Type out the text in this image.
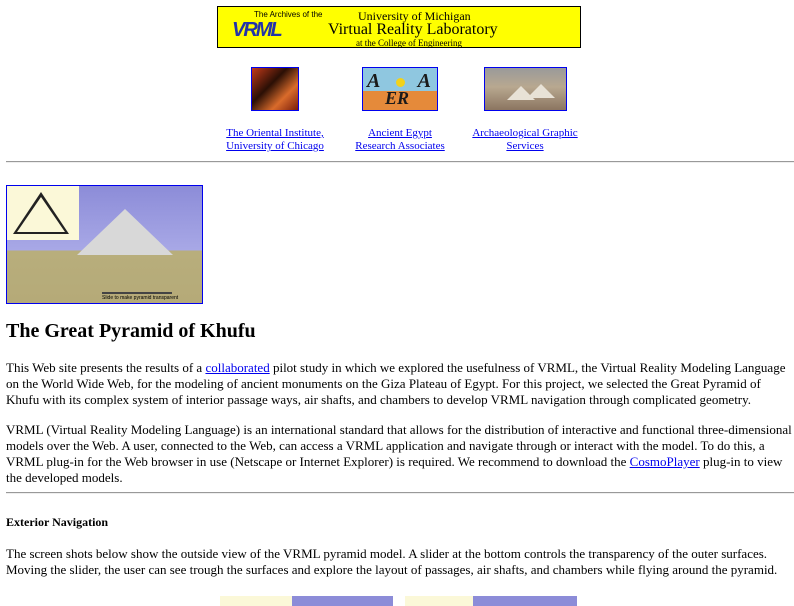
VRML
The Archives of the	University of Michigan
Virtual Reality Laboratory
at the College of Engineering
A A
ER
The Oriental Institute,
University of Chicago
Ancient Egypt
Research Associates
Archaeological Graphic
Services
Slide to make pyramid transparent
The Great Pyramid of Khufu

This Web site presents the results of a collaborated pilot study in which we explored the usefulness of VRML, the Virtual Reality Modeling Language on the World Wide Web, for the modeling of ancient monuments on the Giza Plateau of Egypt. For this project, we selected the Great Pyramid of Khufu with its complex system of interior passage ways, air shafts, and chambers to develop VRML navigation through complicated geometry.

VRML (Virtual Reality Modeling Language) is an international standard that allows for the distribution of interactive and functional three-dimensional models over the Web. A user, connected to the Web, can access a VRML application and navigate through or interact with the model. To do this, a VRML plug-in for the Web browser in use (Netscape or Internet Explorer) is required. We recommend to download the CosmoPlayer plug-in to view the developed models.

Exterior Navigation

The screen shots below show the outside view of the VRML pyramid model. A slider at the bottom controls the transparency of the outer surfaces. Moving the slider, the user can see trough the surfaces and explore the layout of passages, air shafts, and chambers while flying around the pyramid.
